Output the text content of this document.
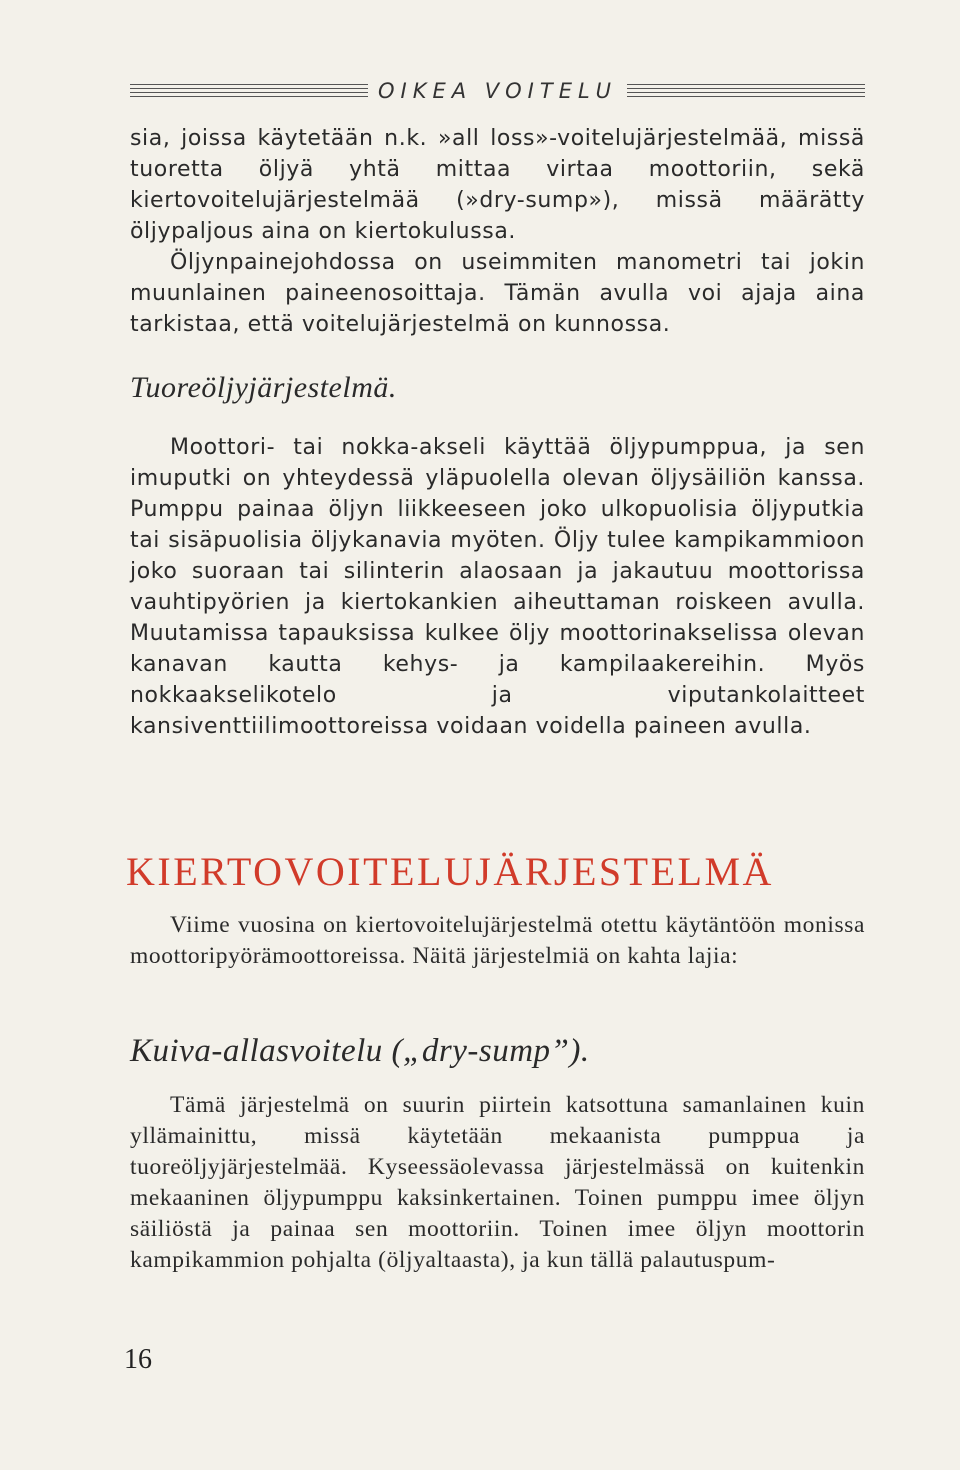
OIKEA VOITELU

sia, joissa käytetään n.k. »all loss»-voitelujärjestelmää, missä tuoretta öljyä yhtä mittaa virtaa moottoriin, sekä kiertovoitelujärjestelmää (»dry-sump»), missä määrätty öljypaljous aina on kiertokulussa.

Öljynpainejohdossa on useimmiten manometri tai jokin muunlainen paineenosoittaja. Tämän avulla voi ajaja aina tarkistaa, että voitelujärjestelmä on kunnossa.

Tuoreöljyjärjestelmä.

Moottori- tai nokka-akseli käyttää öljypumppua, ja sen imuputki on yhteydessä yläpuolella olevan öljysäiliön kanssa. Pumppu painaa öljyn liikkeeseen joko ulkopuolisia öljyputkia tai sisäpuolisia öljykanavia myöten. Öljy tulee kampikammioon joko suoraan tai silinterin alaosaan ja jakautuu moottorissa vauhtipyörien ja kiertokankien aiheuttaman roiskeen avulla. Muutamissa tapauksissa kulkee öljy moottorinakselissa olevan kanavan kautta kehys- ja kampilaakereihin. Myös nokkaakselikotelo ja viputankolaitteet kansiventtiilimoottoreissa voidaan voidella paineen avulla.

KIERTOVOITELUJÄRJESTELMÄ

Viime vuosina on kiertovoitelujärjestelmä otettu käytäntöön monissa moottoripyörämoottoreissa. Näitä järjestelmiä on kahta lajia:

Kuiva-allasvoitelu („dry-sump”).

Tämä järjestelmä on suurin piirtein katsottuna samanlainen kuin yllämainittu, missä käytetään mekaanista pumppua ja tuoreöljyjärjestelmää. Kyseessäolevassa järjestelmässä on kuitenkin mekaaninen öljypumppu kaksinkertainen. Toinen pumppu imee öljyn säiliöstä ja painaa sen moottoriin. Toinen imee öljyn moottorin kampikammion pohjalta (öljyaltaasta), ja kun tällä palautuspum-

16
